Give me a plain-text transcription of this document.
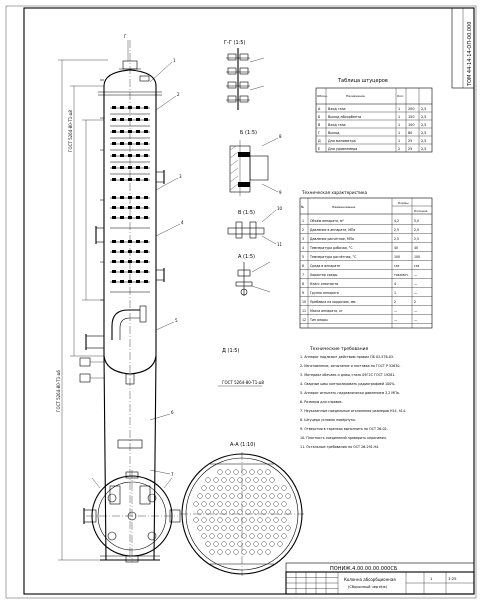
ТОМ 44-14-14-ОП-00.000
ГОСТ 5264-80-Т1-∆8
ГОСТ 5264-80-Т1-∆6
1
2
3
4
5
6
7
Г
Г-Г (1:5)
Таблица штуцеров
Обозн.	Назначение	Кол.
А Вход газа	1 200 2,5
Б Выход абсорбента	1 150 2,5
В Вход газа	1 100 2,5
Г Выход	1 80	2,5
Д Для манометра	1 25	2,5
Е Для уровнемера	2 25	2,5
Б (1:5)
8
9
В (1:5)
10
11
А (1:5)
Техническая характеристика
№	Наименование
Нормы
Колонна
1 Объём аппарата, м³	4,2	5,0
2 Давление в аппарате, МПа	2,5	2,5
3 Давление расчётное, МПа	2,5	2,5
4	Температура рабочая, °С	40	40
5	Температура расчётная, °С	100	100
6 Среда в аппарате	газ	газ
7 Характер среды	токсичн. —
8 Класс опасности	4	—
9 Группа аппарата	1	—
10 Прибавка на коррозию, мм	2	2
11 Масса аппарата, кг	—	—
12	Тип опоры	—	—
Д (1:5)
ГОСТ 5264-80-Т1-∆8
Технические требования
1. Аппарат подлежит действию правил ПБ 03-576-03.
2. Изготовление, испытание и поставка по ГОСТ Р 52630.
3. Материал обечаек и днищ сталь 09Г2С ГОСТ 19281.
4. Сварные швы контролировать радиографией 100%.
5. Аппарат испытать гидравлически давлением 3,2 МПа.
6. Размеры для справок.
7. Неуказанные предельные отклонения размеров H14, h14.
8. Штуцера условно повёрнуты.
9. Отверстия в тарелках выполнить по ОСТ 26-02.
10. Плотность соединений проверить керосином.
11. Остальные требования по ОСТ 26-291-94.
А-А (1:10)
ПОНИЖ.4.00.00.00.000СБ
Колонна абсорбционная
(Сборочный чертёж)
1:25
1
